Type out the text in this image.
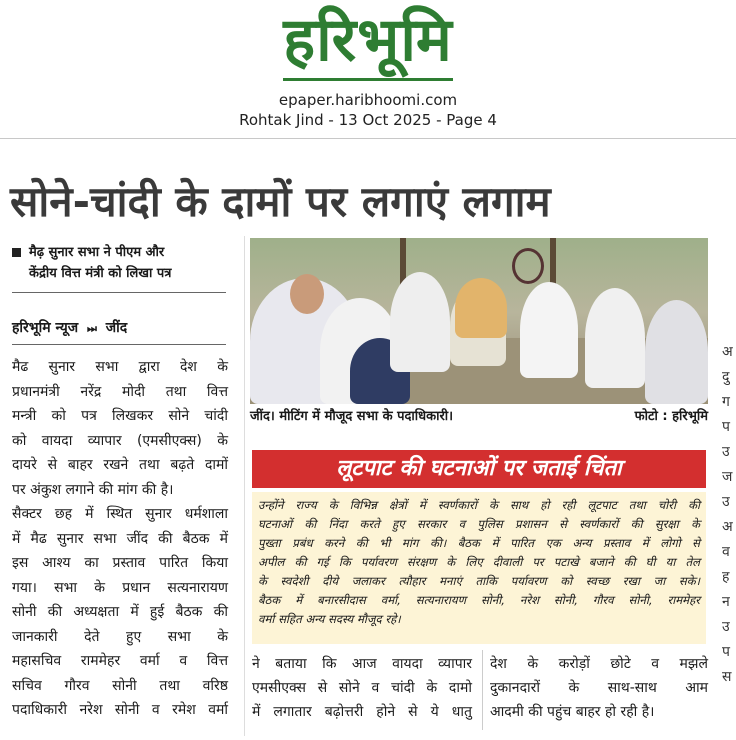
हरिभूमि
epaper.haribhoomi.com
Rohtak Jind - 13 Oct 2025 - Page 4
सोने-चांदी के दामों पर लगाएं लगाम
मैढ़ सुनार सभा ने पीएम और
केंद्रीय वित्त मंत्री को लिखा पत्र
हरिभूमि न्यूज ⏭ जींद
मैढ सुनार सभा द्वारा देश के
प्रधानमंत्री नरेंद्र मोदी तथा वित्त
मन्त्री को पत्र लिखकर सोने चांदी
को वायदा व्यापार (एमसीएक्स) के
दायरे से बाहर रखने तथा बढ़ते दामों
पर अंकुश लगाने की मांग की है।
सैक्टर छह में स्थित सुनार धर्मशाला
में मैढ सुनार सभा जींद की बैठक में
इस आश्य का प्रस्ताव पारित किया
गया। सभा के प्रधान सत्यनारायण
सोनी की अध्यक्षता में हुई बैठक की
जानकारी देते हुए सभा के
महासचिव राममेहर वर्मा व वित्त
सचिव गौरव सोनी तथा वरिष्ठ
पदाधिकारी नरेश सोनी व रमेश वर्मा
जींद। मीटिंग में मौजूद सभा के पदाधिकारी।	फोटो : हरिभूमि
लूटपाट की घटनाओं पर जताई चिंता
उन्होंने राज्य के विभिन्न क्षेत्रों में स्वर्णकारों के साथ हो रही लूटपाट तथा चोरी की
घटनाओं की निंदा करते हुए सरकार व पुलिस प्रशासन से स्वर्णकारों की सुरक्षा के
पुख्ता प्रबंध करने की भी मांग की। बैठक में पारित एक अन्य प्रस्ताव में लोगो से
अपील की गई कि पर्यावरण संरक्षण के लिए दीवाली पर पटाखे बजाने की घी या तेल
के स्वदेशी दीये जलाकर त्यौहार मनाएं ताकि पर्यावरण को स्वच्छ रखा जा सके।
बैठक में बनारसीदास वर्मा, सत्यनारायण सोनी, नरेश सोनी, गौरव सोनी, राममेहर
वर्मा सहित अन्य सदस्य मौजूद रहे।
ने बताया कि आज वायदा व्यापार
एमसीएक्स से सोने व चांदी के दामो
में लगातार बढ़ोत्तरी होने से ये धातु
देश के करोड़ों छोटे व मझले
दुकानदारों के साथ-साथ आम
आदमी की पहुंच बाहर हो रही है।
अ
दु
ग
प
उ
ज
उ
अ
व
ह
न
उ
प
स
